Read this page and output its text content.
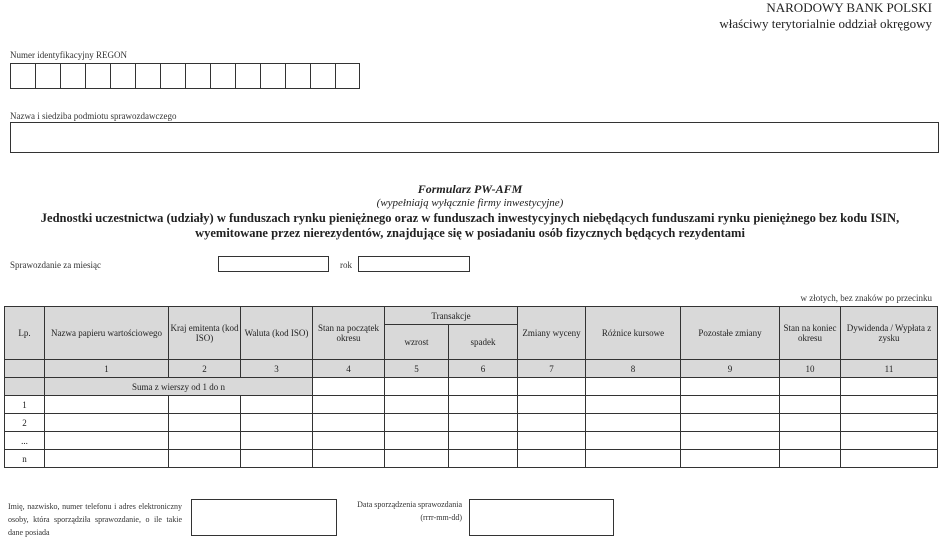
NARODOWY BANK POLSKI
właściwy terytorialnie oddział okręgowy
Numer identyfikacyjny REGON
Nazwa i siedziba podmiotu sprawozdawczego
Formularz PW-AFM
(wypełniają wyłącznie firmy inwestycyjne)
Jednostki uczestnictwa (udziały) w funduszach rynku pieniężnego oraz w funduszach inwestycyjnych niebędących funduszami rynku pieniężnego bez kodu ISIN,
wyemitowane przez nierezydentów, znajdujące się w posiadaniu osób fizycznych będących rezydentami
Sprawozdanie za miesiąc	rok
w złotych, bez znaków po przecinku
Lp.	Nazwa papieru wartościowego	Kraj emitenta (kod ISO)	Waluta (kod ISO)	Stan na początek okresu	Transakcje		Zmiany wyceny	Różnice kursowe	Pozostałe zmiany	Stan na koniec okresu	Dywidenda / Wypłata z zysku
					wzrost	spadek					
	1	2	3	4	5	6	7	8	9	10	11
	Suma z wierszy od 1 do n										
1											
2											
...											
n											
Imię, nazwisko, numer telefonu i adres elektroniczny osoby, która sporządziła sprawozdanie, o ile takie dane posiada
Data sporządzenia sprawozdania
(rrrr-mm-dd)
